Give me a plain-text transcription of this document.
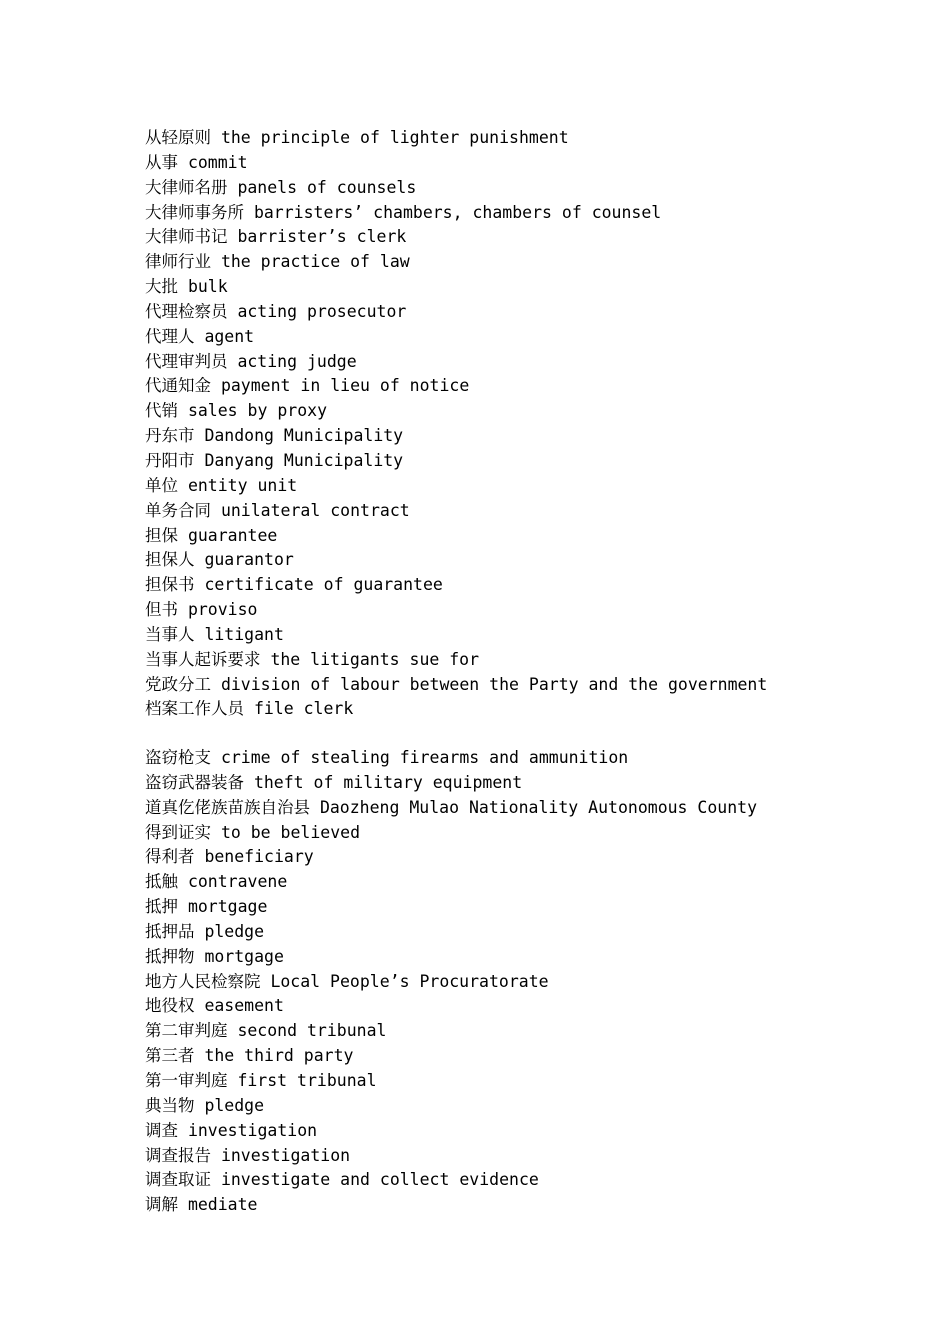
从轻原则 the principle of lighter punishment
从事 commit
大律师名册 panels of counsels
大律师事务所 barristers’ chambers, chambers of counsel
大律师书记 barrister’s clerk
律师行业 the practice of law
大批 bulk
代理检察员 acting prosecutor
代理人 agent
代理审判员 acting judge
代通知金 payment in lieu of notice
代销 sales by proxy
丹东市 Dandong Municipality
丹阳市 Danyang Municipality
单位 entity unit
单务合同 unilateral contract
担保 guarantee
担保人 guarantor
担保书 certificate of guarantee
但书 proviso
当事人 litigant
当事人起诉要求 the litigants sue for
党政分工 division of labour between the Party and the government
档案工作人员 file clerk
盗窃枪支 crime of stealing firearms and ammunition
盗窃武器装备 theft of military equipment
道真仡佬族苗族自治县 Daozheng Mulao Nationality Autonomous County
得到证实 to be believed
得利者 beneficiary
抵触 contravene
抵押 mortgage
抵押品 pledge
抵押物 mortgage
地方人民检察院 Local People’s Procuratorate
地役权 easement
第二审判庭 second tribunal
第三者 the third party
第一审判庭 first tribunal
典当物 pledge
调查 investigation
调查报告 investigation
调查取证 investigate and collect evidence
调解 mediate
